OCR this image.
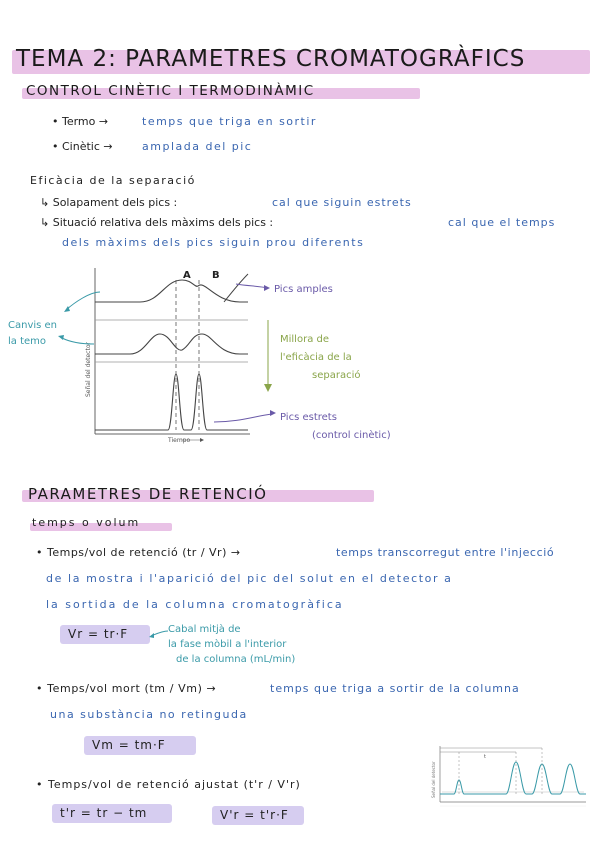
TEMA 2: PARAMETRES CROMATOGRÀFICS
CONTROL CINÈTIC I TERMODINÀMIC
• Termo →	temps que triga en sortir
• Cinètic →	amplada del pic
Eficàcia de la separació
↳ Solapament dels pics :	cal que siguin estrets
↳ Situació relativa dels màxims dels pics :	cal que el temps
dels màxims dels pics siguin prou diferents
A B
Señal del detector
Tiempo
Canvis en
la temo
Pics amples
Millora de
l'eficàcia de la
separació
Pics estrets
(control cinètic)
PARAMETRES DE RETENCIÓ
temps o volum
• Temps/vol de retenció (tr / Vr) →	temps transcorregut entre l'injecció
de la mostra i l'aparició del pic del solut en el detector a
la sortida de la columna cromatogràfica
Vr = tr·F	Cabal mitjà de
la fase mòbil a l'interior
de la columna (mL/min)
• Temps/vol mort (tm / Vm) →	temps que triga a sortir de la columna
una substància no retinguda
Vm = tm·F
t
Señal del detector
• Temps/vol de retenció ajustat (t'r / V'r)
t'r = tr − tm	V'r = t'r·F
